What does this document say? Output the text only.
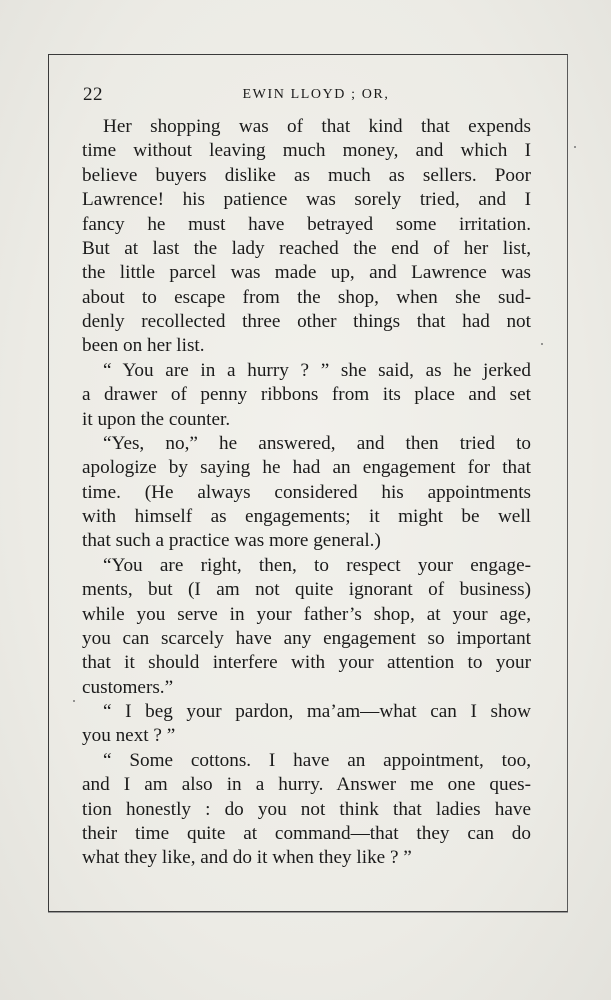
22	EWIN LLOYD ; OR,
Her shopping was of that kind that expends
time without leaving much money, and which I
believe buyers dislike as much as sellers. Poor
Lawrence! his patience was sorely tried, and I
fancy he must have betrayed some irritation.
But at last the lady reached the end of her list,
the little parcel was made up, and Lawrence was
about to escape from the shop, when she sud-
denly recollected three other things that had not
been on her list.
“ You are in a hurry ? ” she said, as he jerked
a drawer of penny ribbons from its place and set
it upon the counter.
“Yes, no,” he answered, and then tried to
apologize by saying he had an engagement for that
time. (He always considered his appointments
with himself as engagements; it might be well
that such a practice was more general.)
“You are right, then, to respect your engage-
ments, but (I am not quite ignorant of business)
while you serve in your father’s shop, at your age,
you can scarcely have any engagement so important
that it should interfere with your attention to your
customers.”
“ I beg your pardon, ma’am—what can I show
you next ? ”
“ Some cottons. I have an appointment, too,
and I am also in a hurry. Answer me one ques-
tion honestly : do you not think that ladies have
their time quite at command—that they can do
what they like, and do it when they like ? ”
